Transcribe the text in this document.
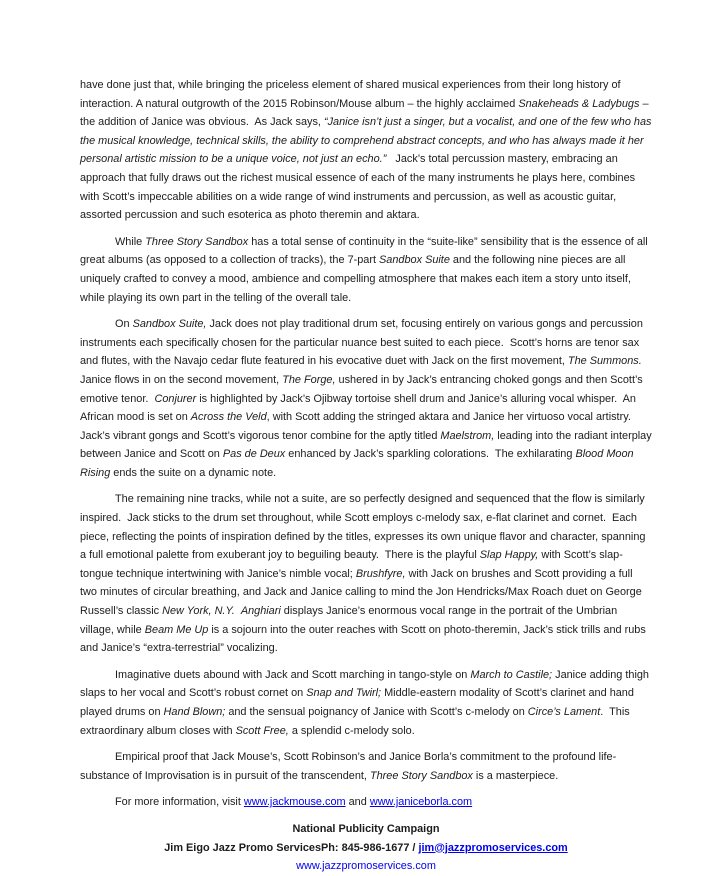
have done just that, while bringing the priceless element of shared musical experiences from their long history of interaction. A natural outgrowth of the 2015 Robinson/Mouse album – the highly acclaimed Snakeheads & Ladybugs – the addition of Janice was obvious.  As Jack says, “Janice isn’t just a singer, but a vocalist, and one of the few who has the musical knowledge, technical skills, the ability to comprehend abstract concepts, and who has always made it her personal artistic mission to be a unique voice, not just an echo.”   Jack’s total percussion mastery, embracing an approach that fully draws out the richest musical essence of each of the many instruments he plays here, combines with Scott’s impeccable abilities on a wide range of wind instruments and percussion, as well as acoustic guitar, assorted percussion and such esoterica as photo theremin and aktara.

While Three Story Sandbox has a total sense of continuity in the “suite-like” sensibility that is the essence of all great albums (as opposed to a collection of tracks), the 7-part Sandbox Suite and the following nine pieces are all uniquely crafted to convey a mood, ambience and compelling atmosphere that makes each item a story unto itself, while playing its own part in the telling of the overall tale.

On Sandbox Suite, Jack does not play traditional drum set, focusing entirely on various gongs and percussion instruments each specifically chosen for the particular nuance best suited to each piece.  Scott’s horns are tenor sax and flutes, with the Navajo cedar flute featured in his evocative duet with Jack on the first movement, The Summons.  Janice flows in on the second movement, The Forge, ushered in by Jack’s entrancing choked gongs and then Scott’s emotive tenor.  Conjurer is highlighted by Jack’s Ojibway tortoise shell drum and Janice’s alluring vocal whisper.  An African mood is set on Across the Veld, with Scott adding the stringed aktara and Janice her virtuoso vocal artistry.  Jack’s vibrant gongs and Scott’s vigorous tenor combine for the aptly titled Maelstrom, leading into the radiant interplay between Janice and Scott on Pas de Deux enhanced by Jack’s sparkling colorations.  The exhilarating Blood Moon Rising ends the suite on a dynamic note.

The remaining nine tracks, while not a suite, are so perfectly designed and sequenced that the flow is similarly inspired.  Jack sticks to the drum set throughout, while Scott employs c-melody sax, e-flat clarinet and cornet.  Each piece, reflecting the points of inspiration defined by the titles, expresses its own unique flavor and character, spanning a full emotional palette from exuberant joy to beguiling beauty.  There is the playful Slap Happy, with Scott’s slap-tongue technique intertwining with Janice’s nimble vocal; Brushfyre, with Jack on brushes and Scott providing a full two minutes of circular breathing, and Jack and Janice calling to mind the Jon Hendricks/Max Roach duet on George Russell’s classic New York, N.Y. Anghiari displays Janice’s enormous vocal range in the portrait of the Umbrian village, while Beam Me Up is a sojourn into the outer reaches with Scott on photo-theremin, Jack’s stick trills and rubs and Janice’s “extra-terrestrial” vocalizing.

Imaginative duets abound with Jack and Scott marching in tango-style on March to Castile; Janice adding thigh slaps to her vocal and Scott’s robust cornet on Snap and Twirl; Middle-eastern modality of Scott’s clarinet and hand played drums on Hand Blown; and the sensual poignancy of Janice with Scott’s c-melody on Circe’s Lament.  This extraordinary album closes with Scott Free, a splendid c-melody solo.

Empirical proof that Jack Mouse’s, Scott Robinson’s and Janice Borla’s commitment to the profound life-substance of Improvisation is in pursuit of the transcendent, Three Story Sandbox is a masterpiece.

For more information, visit www.jackmouse.com and www.janiceborla.com

National Publicity Campaign

Jim Eigo Jazz Promo ServicesPh: 845-986-1677 / jim@jazzpromoservices.com

www.jazzpromoservices.com
